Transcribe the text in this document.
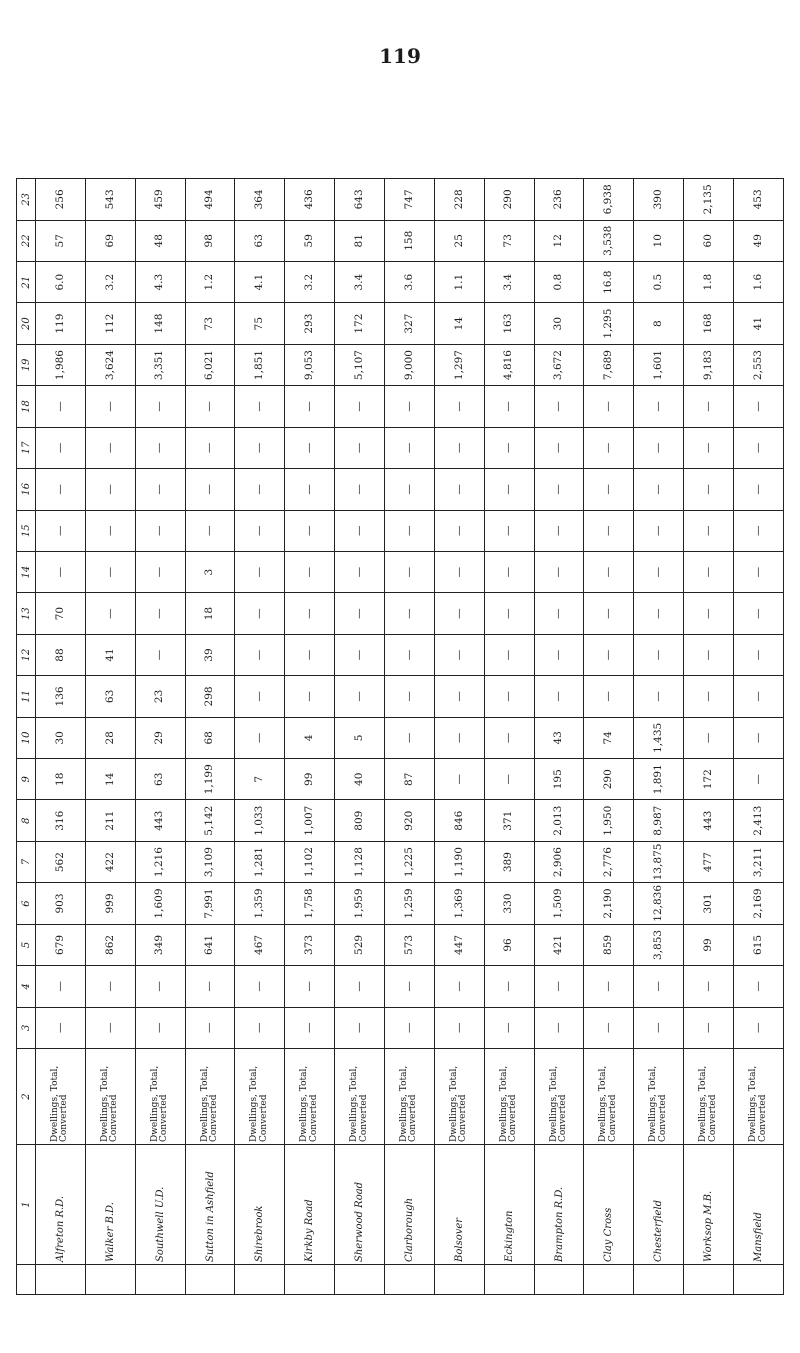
119
	1	2	3	4	5	6	7	8	9	10	11	12	13	14	15	16	17	18	19	20	21	22	23
	Alfreton R.D.	Dwellings, Total, Converted	—	—	679	903	562	316	18	30	136	88	70	—	—	—	—	—	1,986	119	6.0	57	256
	Walker B.D.	Dwellings, Total, Converted	—	—	862	999	422	211	14	28	63	41	—	—	—	—	—	—	3,624	112	3.2	69	543
	Southwell U.D.	Dwellings, Total, Converted	—	—	349	1,609	1,216	443	63	29	23	—	—	—	—	—	—	—	3,351	148	4.3	48	459
	Sutton in Ashfield	Dwellings, Total, Converted	—	—	641	7,991	3,109	5,142	1,199	68	298	39	18	3	—	—	—	—	6,021	73	1.2	98	494
	Shirebrook	Dwellings, Total, Converted	—	—	467	1,359	1,281	1,033	7	—	—	—	—	—	—	—	—	—	1,851	75	4.1	63	364
	Kirkby Road	Dwellings, Total, Converted	—	—	373	1,758	1,102	1,007	99	4	—	—	—	—	—	—	—	—	9,053	293	3.2	59	436
	Sherwood Road	Dwellings, Total, Converted	—	—	529	1,959	1,128	809	40	5	—	—	—	—	—	—	—	—	5,107	172	3.4	81	643
	Clarborough	Dwellings, Total, Converted	—	—	573	1,259	1,225	920	87	—	—	—	—	—	—	—	—	—	9,000	327	3.6	158	747
	Bolsover	Dwellings, Total, Converted	—	—	447	1,369	1,190	846	—	—	—	—	—	—	—	—	—	—	1,297	14	1.1	25	228
	Eckington	Dwellings, Total, Converted	—	—	96	330	389	371	—	—	—	—	—	—	—	—	—	—	4,816	163	3.4	73	290
	Brampton R.D.	Dwellings, Total, Converted	—	—	421	1,509	2,906	2,013	195	43	—	—	—	—	—	—	—	—	3,672	30	0.8	12	236
	Clay Cross	Dwellings, Total, Converted	—	—	859	2,190	2,776	1,950	290	74	—	—	—	—	—	—	—	—	7,689	1,295	16.8	3,538	6,938
	Chesterfield	Dwellings, Total, Converted	—	—	3,853	12,836	13,875	8,987	1,891	1,435	—	—	—	—	—	—	—	—	1,601	8	0.5	10	390
	Worksop M.B.	Dwellings, Total, Converted	—	—	99	301	477	443	172	—	—	—	—	—	—	—	—	—	9,183	168	1.8	60	2,135
	Mansfield	Dwellings, Total, Converted	—	—	615	2,169	3,211	2,413	—	—	—	—	—	—	—	—	—	—	2,553	41	1.6	49	453
